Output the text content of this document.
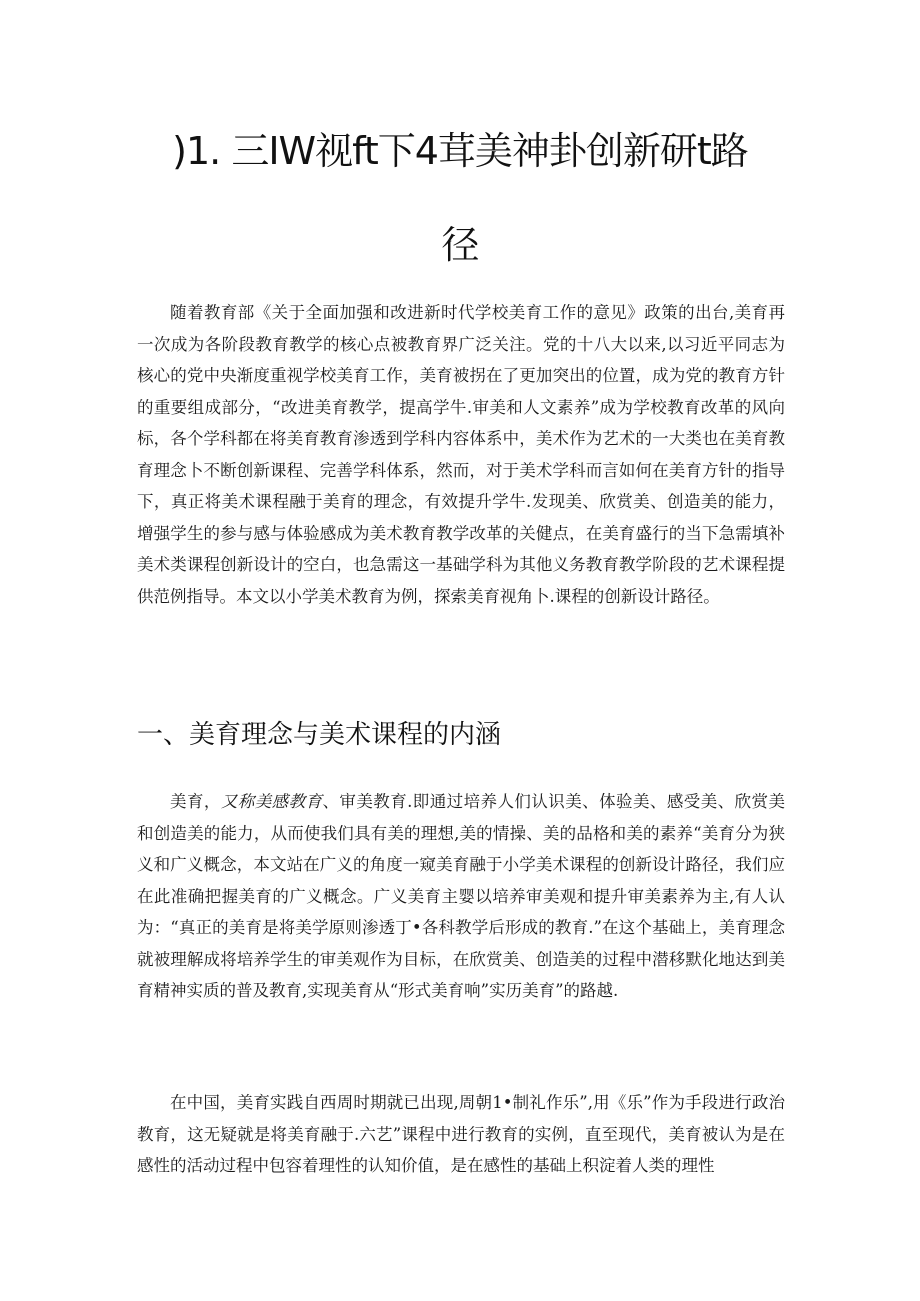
)1. 三IW视ft下4茸美神卦创新研t路
径

随着教育部《关于全面加强和改进新时代学校美育工作的意见》政策的出台,美育再一次成为各阶段教育教学的核心点被教育界广泛关注。党的十八大以来,以习近平同志为核心的党中央渐度重视学校美育工作，美育被拐在了更加突出的位置，成为党的教育方针的重要组成部分，“改进美育教学，提高学牛.审美和人文素养”成为学校教育改革的风向标，各个学科都在将美育教育渗透到学科内容体系中，美术作为艺术的一大类也在美育教育理念卜不断创新课程、完善学科体系，然而，对于美术学科而言如何在美育方针的指导下，真正将美术课程融于美育的理念，有效提升学牛.发现美、欣赏美、创造美的能力，增强学生的参与感与体验感成为美术教育教学改革的关健点，在美育盛行的当下急需填补美术类课程创新设计的空白，也急需这一基础学科为其他义务教育教学阶段的艺术课程提供范例指导。本文以小学美术教育为例，探索美育视角卜.课程的创新设计路径。

一、美育理念与美术课程的内涵

美育，又称美感教育、审美教育.即通过培养人们认识美、体验美、感受美、欣赏美和创造美的能力，从而使我们具有美的理想,美的情操、美的品格和美的素养“美育分为狭义和广义概念，本文站在广义的角度一窥美育融于小学美术课程的创新设计路径，我们应在此准确把握美育的广义概念。广义美育主婴以培养审美观和提升审美素养为主,有人认为：“真正的美育是将美学原则渗透丁•各科教学后形成的教育.”在这个基础上，美育理念就被理解成将培养学生的审美观作为目标，在欣赏美、创造美的过程中潜移默化地达到美育精神实质的普及教育,实现美育从“形式美育响”实历美育”的路越.

在中国，美育实践自西周时期就已出现,周朝1•制礼作乐”,用《乐”作为手段进行政治教育，这无疑就是将美育融于.六艺”课程中进行教育的实例，直至现代，美育被认为是在感性的活动过程中包容着理性的认知价值，是在感性的基础上积淀着人类的理性
